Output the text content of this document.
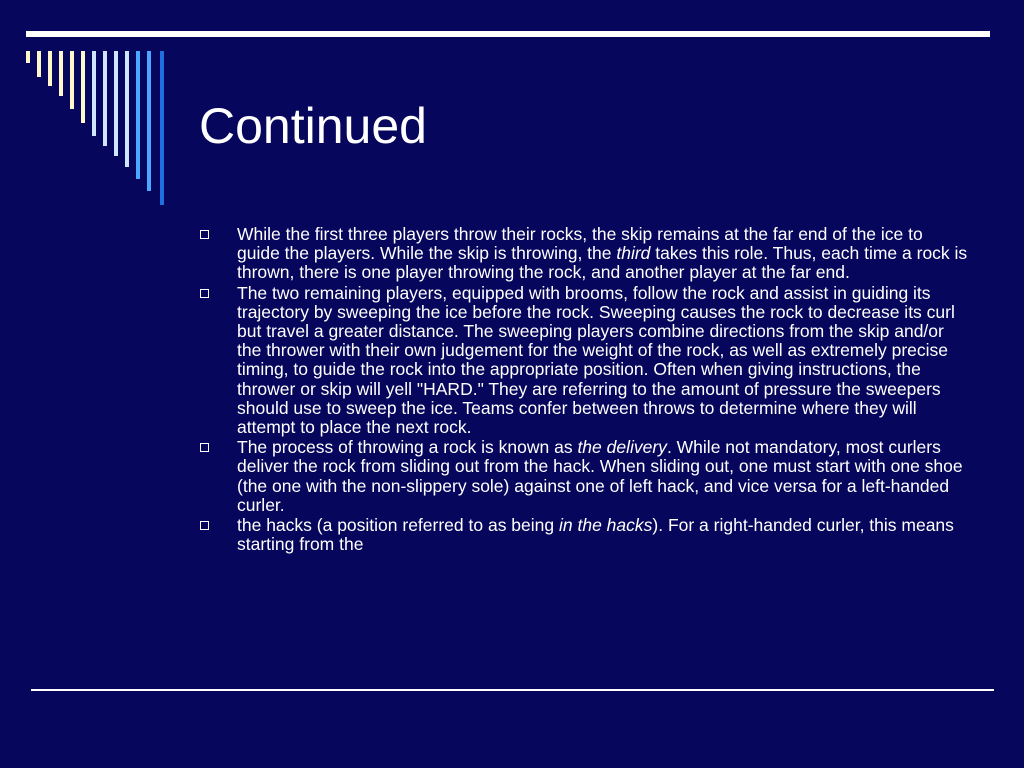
Continued
While the first three players throw their rocks, the skip remains at the far end of the ice to guide the players. While the skip is throwing, the third takes this role. Thus, each time a rock is thrown, there is one player throwing the rock, and another player at the far end.
The two remaining players, equipped with brooms, follow the rock and assist in guiding its trajectory by sweeping the ice before the rock. Sweeping causes the rock to decrease its curl but travel a greater distance. The sweeping players combine directions from the skip and/or the thrower with their own judgement for the weight of the rock, as well as extremely precise timing, to guide the rock into the appropriate position. Often when giving instructions, the thrower or skip will yell "HARD." They are referring to the amount of pressure the sweepers should use to sweep the ice. Teams confer between throws to determine where they will attempt to place the next rock.
The process of throwing a rock is known as the delivery. While not mandatory, most curlers deliver the rock from sliding out from the hack. When sliding out, one must start with one shoe (the one with the non-slippery sole) against one of left hack, and vice versa for a left-handed curler.
the hacks (a position referred to as being in the hacks). For a right-handed curler, this means starting from the
